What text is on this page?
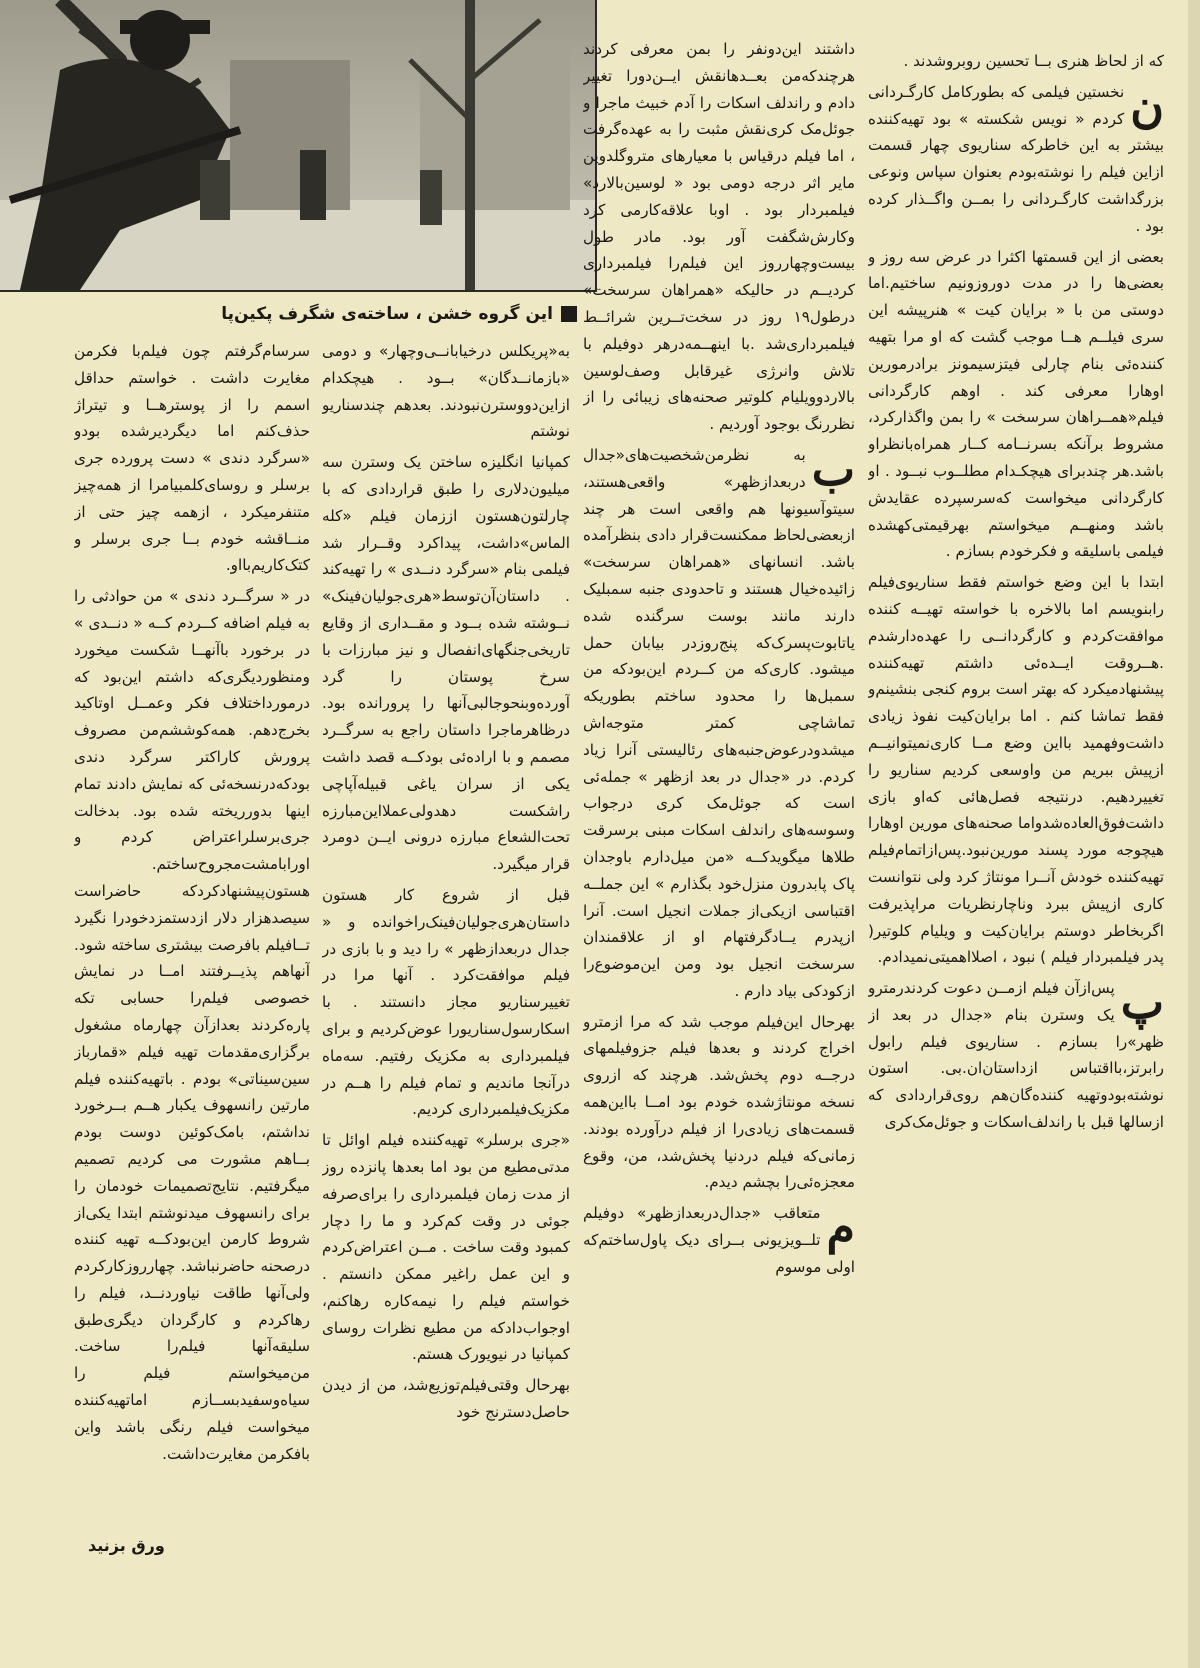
این گروه خشن ، ساخته‌ی شگرف پکین‌پا

که از لحاظ هنری بــا تحسین روبروشدند .

ن
نخستین فیلمی که بطورکامل کارگـردانی کردم « نویس شکسته » بود تهیه‌کننده بیشتر به این خاطرکه سناریوی چهار قسمت ازاین فیلم را نوشته‌بودم بعنوان سپاس ونوعی بزرگداشت کارگـردانی را بمــن واگــذار کرده بود .

بعضی از این قسمتها اکثرا در عرض سه روز و بعضی‌ها را در مدت دوروزونیم ساختیم.اما دوستی من با « برایان کیت » هنرپیشه این سری فیلــم هــا موجب گشت که او مرا بتهیه کننده‌ئی بنام چارلی فیتزسیمونز برادرمورین اوهارا معرفی کند . اوهم کارگردانی فیلم«همــراهان سرسخت » را بمن واگذارکرد، مشروط برآنکه بسرنــامه کــار همراه‌بانظراو باشد.هر چندبرای هیچکـدام مطلــوب نبــود . او کارگردانی میخواست که‌سرسپرده عقایدش باشد ومنهــم میخواستم بهرقیمتی‌کهشده فیلمی باسلیقه و فکرخودم بسازم .

ابتدا با این وضع خواستم فقط سناریوی‌فیلم رابنویسم اما بالاخره با خواسته تهیــه کننده موافقت‌کردم و کارگردانــی را عهده‌دارشدم .هــروقت ایــده‌ئی داشتم تهیه‌کننده پیشنهادمیکرد که بهتر است برو‌م کنجی بنشینم‌و فقط تماشا کنم . اما برایان‌کیت نفوذ زیادی داشت‌وفهمید بااین وضع مــا کاری‌نمیتوانیــم ازپیش ببریم من واوسعی کردیم سناریو را تغییردهیم. درنتیجه فصل‌هائی که‌او بازی داشت‌فوق‌العاده‌شدواما صحنه‌های مورین‌ اوهارا هیچوجه مورد پسند مورین‌نبود.پس‌ازاتمام‌فیلم تهیه‌کننده خودش آنــرا مونتاژ کرد ولی نتوانست کاری ازپیش ببرد وناچارنظریات مراپذیرفت اگربخاطر دوستم برایان‌کیت و ویلیام کلوتیر( پدر فیلمبردار فیلم ) نبود ، اصلااهمیتی‌نمیدادم.

پ
پس‌ازآن فیلم ازمــن دعوت کردندرمترو یک وسترن بنام «جدال در بعد از ظهر»را بسازم . سناریوی فیلم رابول رابرتز،بااقتباس ازداستان‌ان.بی. استون نوشته‌بودوتهیه کننده‌گان‌هم روی‌قراردادی که ازسالها قبل با راندلف‌اسکات و جوئل‌مک‌کری

داشتند این‌دونفر را بمن معرفی کردند هرچندکه‌من بعــدهانقش ایــن‌دورا تغییر دادم و راندلف اسکات را آدم خبیث ماجرا و جوئل‌مک کری‌نقش مثبت را به عهده‌گرفت ، اما فیلم درقیاس با معیارهای متروگلدوین مایر اثر درجه دومی بود « لوسین‌بالارد» فیلمبردار بود . اوبا علاقه‌کارمی کرد وکارش‌شگفت آور بود. مادر طول بیست‌وچهارروز این فیلم‌را فیلمبرداری کردیــم در حالیکه «همراهان سرسخت» درطول۱۹ روز در سخت‌تــرین شرائــط فیلمبرداری‌شد .با اینهــمه‌درهر دوفیلم با تلاش وانرژی غیرقابل وصف‌لوسین بالاردوویلیام کلوتیر صحنه‌های زیبائی را از نظررنگ بوجود آوردیم .

ب
به نظرمن‌شخصیت‌های«جدال دربعدازظهر» واقعی‌هستند، سیتو‌آسیونها هم واقعی است هر چند ازبعضی‌لحاظ ممکنست‌قرار دادی بنظرآمده باشد. انسانهای «همراهان سرسخت» زائیده‌خیال هستند و تاحدودی جنبه سمبلیک دارند مانند بوست سرگنده شده یاتابوت‌پسرک‌که پنج‌روزدر بیابان حمل میشود. کاری‌که من کــردم این‌بودکه من سمبل‌ها را محدود ساختم بطوریکه تماشاچی کمتر متوجه‌اش میشدودرعوض‌جنبه‌های رئالیستی آنرا زیاد کردم. در «جدال در بعد ازظهر » جمله‌ئی است که جوئل‌مک کری درجواب وسوسه‌های راندلف اسکات مبنی برسرقت طلاها میگویدکــه «من میل‌دارم باوجدان پاک پابدرون منزل‌خود بگذارم » این جملــه اقتباسی ازیکی‌از جملات انجیل است. آنرا ازپدرم یــادگرفتهام او از علاقمندان سرسخت انجیل بود ومن این‌موضوع‌را ازکودکی بیاد دارم .

بهرحال این‌فیلم موجب شد که مرا ازمترو اخراج کردند و بعدها فیلم جزوفیلمهای درجــه دوم پخش‌شد. هرچند که ازروی نسخه مونتاژشده خودم بود امــا بااین‌همه قسمت‌های زیادی‌را از فیلم درآورده بودند. زمانی‌که فیلم دردنیا پخش‌شد، من، وقوع معجزه‌ئی‌را بچشم دیدم.

م
متعاقب «جدال‌دربعدازظهر» دوفیلم تلــویزیونی بــرای دیک پاول‌ساختم‌که اولی موسوم

به«پریکلس درخیابانــی‌وچهار» و دومی «بازمانــدگان» بــود . هیچکدام ازاین‌دووسترن‌نبودند. بعدهم چندسناریو نوشتم

کمپانیا انگلیزه ساختن یک وسترن سه میلیون‌دلاری را طبق قراردادی که با چارلتون‌هستون اززمان فیلم «کله الماس»داشت، پیداکرد وقــرار شد فیلمی بنام «سرگرد دنــدی » را تهیه‌کند . داستان‌آن‌توسط«هری‌جولیان‌فینک» نــوشته شده بــود و مقــداری از وقایع تاریخی‌جنگهای‌انفصال و نیز مبارزات با سرخ پوستان را گرد آورده‌وبنحوجالبی‌آنها را پرورانده بود. درظاهرماجرا داستان راجع به سرگــرد مصمم و با اراده‌ئی بودکــه قصد داشت یکی از سران یاغی قبیله‌آپاچی راشکست دهدولی‌عملااین‌مبارزه تحت‌الشعاع مبارزه درونی ایــن دومرد قرار میگیرد.

قبل از شروع کار هستون داستان‌هری‌جولیان‌فینک‌راخوانده و « جدال دربعدازظهر » را دید و با بازی در فیلم موافقت‌کرد . آنها مرا در تغییرسناریو مجاز دانستند . با اسکارسول‌سناریورا عوض‌کردیم و برای فیلمبرداری به مکزیک رفتیم. سه‌ماه درآنجا ماندیم و تمام فیلم را هــم در مکزیک‌فیلمبرداری کردیم.

«جری برسلر» تهیه‌کننده فیلم اوائل تا مدتی‌مطیع من بود اما بعدها پانزده روز از مدت زمان فیلمبرداری را برای‌صرفه جوئی در وقت کم‌کرد و ما را دچار کمبود وقت ساخت . مــن اعتراض‌کردم و این عمل راغیر ممکن دانستم . خواستم فیلم را نیمه‌کاره رهاکنم، اوجواب‌دادکه من مطیع نظرات روسای کمپانیا در نیویورک هستم.

بهرحال وقتی‌فیلم‌توزیع‌شد، من از دیدن حاصل‌دسترنج خود

سرسام‌گرفتم چون فیلم‌با فکرمن مغایرت داشت . خواستم حداقل اسمم را از پوسترهــا و تیتراژ حذف‌کنم اما دیگردیرشده بودو «سرگرد دندی » دست پرورده جری برسلر و روسای‌کلمبیا‌مرا از همه‌چیز متنفرمیکرد ، ازهمه چیز حتی از منــاقشه خودم بــا جری برسلر و کتک‌کاریم‌بااو.

در « سرگــرد دندی » من حوادثی را به فیلم اضافه کــردم کــه « دنــدی » در برخورد باآنهــا شکست میخورد ومنظوردیگری‌که داشتم این‌بود که درمورداختلاف فکر وعمــل اوتاکید بخرج‌دهم. همه‌کوششم‌من مصروف پرورش کاراکتر سرگرد دندی بودکه‌درنسخه‌ئی که نمایش دادند تمام اینها بدورریخته شده بود. بدخالت جری‌برسلراعتراض کردم و اورابامشت‌مجروح‌ساختم. هستون‌پیشنهادکردکه حاضراست سیصدهزار دلار ازدستمزدخودرا نگیرد تــافیلم بافرصت بیشتری ساخته شود. آنهاهم پذیــرفتند امــا در نمایش خصوصی فیلم‌را حسابی تکه پاره‌کردند بعدازآن چهارماه مشغول برگزاری‌مقدمات تهیه فیلم «قمارباز سین‌سیناتی» بودم . باتهیه‌کننده فیلم مارتین رانسهوف یکبار هــم بــرخورد نداشتم، بامک‌کوئین دوست بودم بــاهم مشورت می کردیم تصمیم میگرفتیم. نتایج‌تصمیمات خودمان را برای رانسهوف میدنوشتم ابتدا یکی‌از شروط کارمن این‌بودکــه تهیه کننده درصحنه حاضرنباشد. چهارروزکارکردم ولی‌آنها طاقت نیاوردنــد، فیلم را رهاکردم و کارگردان دیگری‌طبق سلیقه‌آنها فیلم‌را ساخت. من‌میخواستم فیلم را سیاه‌وسفیدبســازم اماتهیه‌کننده میخواست فیلم رنگی باشد واین بافکرمن مغایرت‌داشت.

ورق بزنید
